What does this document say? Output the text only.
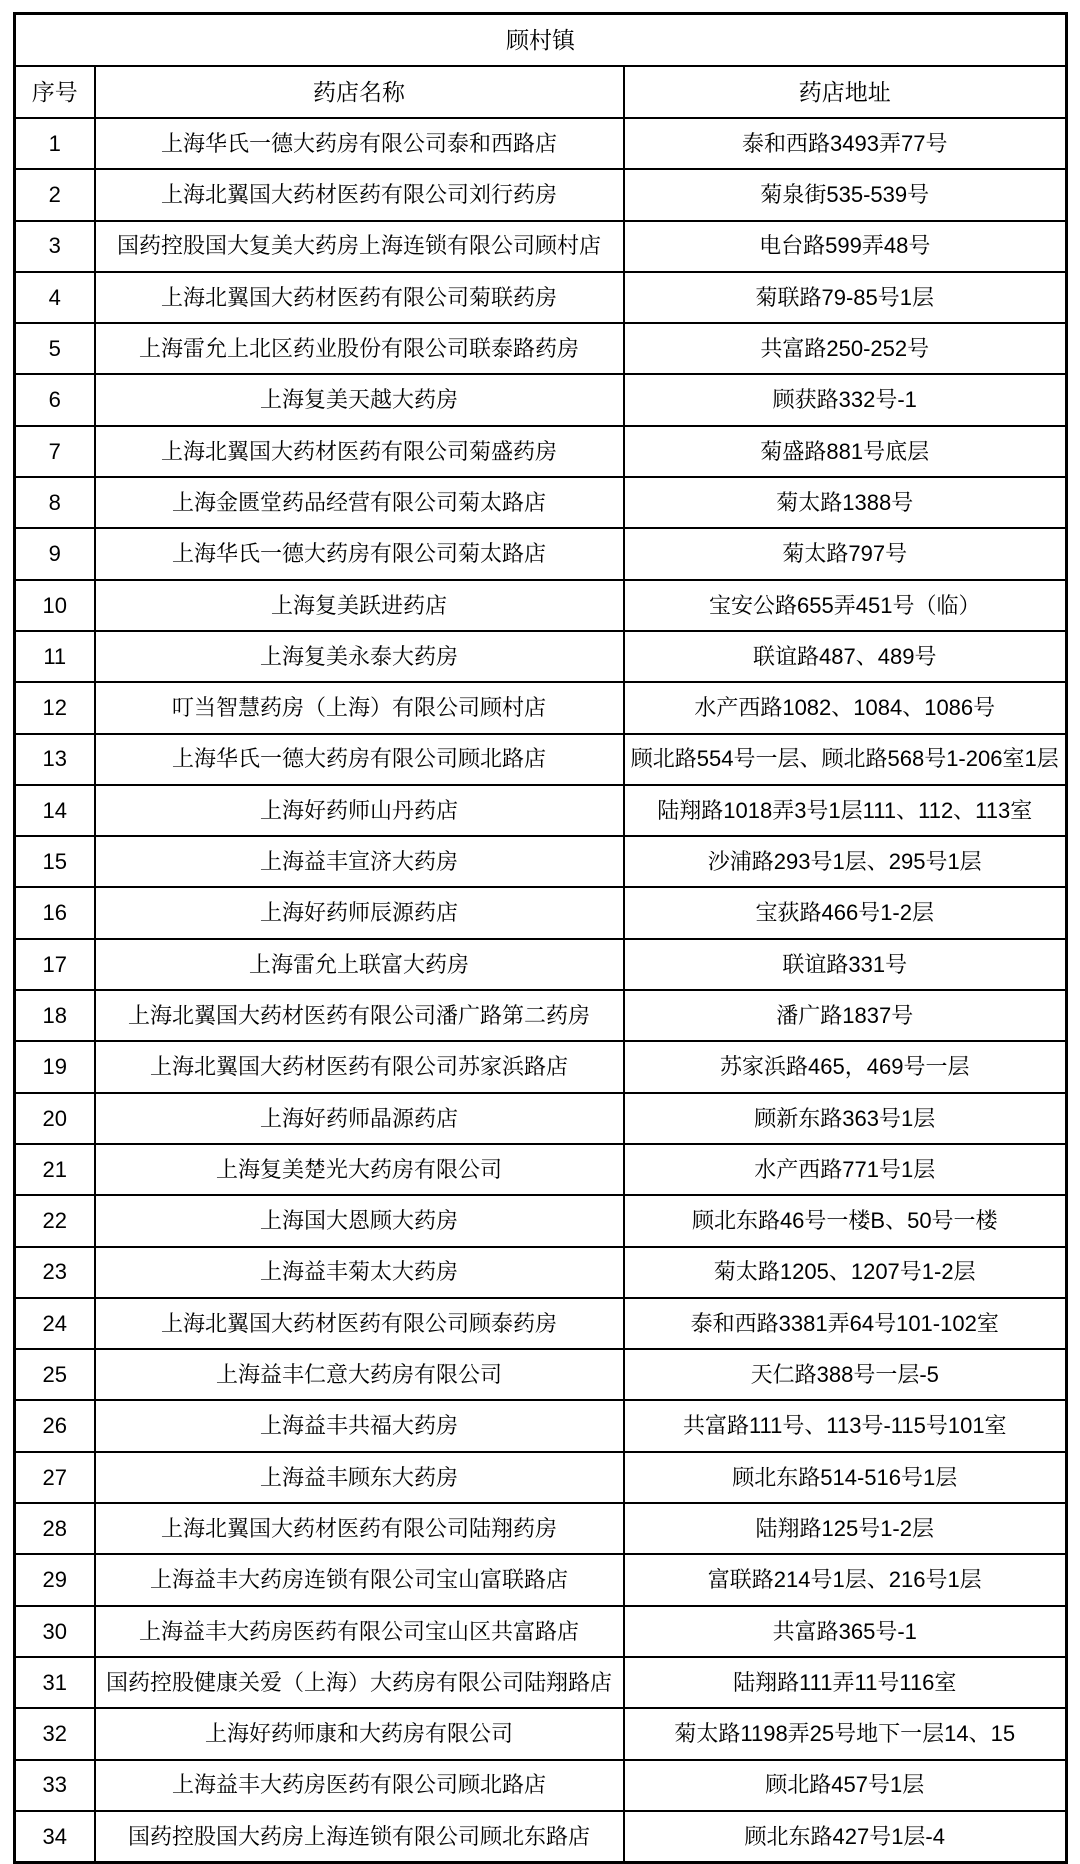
顾村镇		
序号	药店名称	药店地址
1	上海华氏一德大药房有限公司泰和西路店	泰和西路3493弄77号
2	上海北翼国大药材医药有限公司刘行药房	菊泉街535-539号
3	国药控股国大复美大药房上海连锁有限公司顾村店	电台路599弄48号
4	上海北翼国大药材医药有限公司菊联药房	菊联路79-85号1层
5	上海雷允上北区药业股份有限公司联泰路药房	共富路250-252号
6	上海复美天越大药房	顾获路332号-1
7	上海北翼国大药材医药有限公司菊盛药房	菊盛路881号底层
8	上海金匮堂药品经营有限公司菊太路店	菊太路1388号
9	上海华氏一德大药房有限公司菊太路店	菊太路797号
10	上海复美跃进药店	宝安公路655弄451号（临）
11	上海复美永泰大药房	联谊路487、489号
12	叮当智慧药房（上海）有限公司顾村店	水产西路1082、1084、1086号
13	上海华氏一德大药房有限公司顾北路店	顾北路554号一层、顾北路568号1-206室1层
14	上海好药师山丹药店	陆翔路1018弄3号1层111、112、113室
15	上海益丰宣济大药房	沙浦路293号1层、295号1层
16	上海好药师辰源药店	宝荻路466号1-2层
17	上海雷允上联富大药房	联谊路331号
18	上海北翼国大药材医药有限公司潘广路第二药房	潘广路1837号
19	上海北翼国大药材医药有限公司苏家浜路店	苏家浜路465，469号一层
20	上海好药师晶源药店	顾新东路363号1层
21	上海复美楚光大药房有限公司	水产西路771号1层
22	上海国大恩顾大药房	顾北东路46号一楼B、50号一楼
23	上海益丰菊太大药房	菊太路1205、1207号1-2层
24	上海北翼国大药材医药有限公司顾泰药房	泰和西路3381弄64号101-102室
25	上海益丰仁意大药房有限公司	天仁路388号一层-5
26	上海益丰共福大药房	共富路111号、113号-115号101室
27	上海益丰顾东大药房	顾北东路514-516号1层
28	上海北翼国大药材医药有限公司陆翔药房	陆翔路125号1-2层
29	上海益丰大药房连锁有限公司宝山富联路店	富联路214号1层、216号1层
30	上海益丰大药房医药有限公司宝山区共富路店	共富路365号-1
31	国药控股健康关爱（上海）大药房有限公司陆翔路店	陆翔路111弄11号116室
32	上海好药师康和大药房有限公司	菊太路1198弄25号地下一层14、15
33	上海益丰大药房医药有限公司顾北路店	顾北路457号1层
34	国药控股国大药房上海连锁有限公司顾北东路店	顾北东路427号1层-4
